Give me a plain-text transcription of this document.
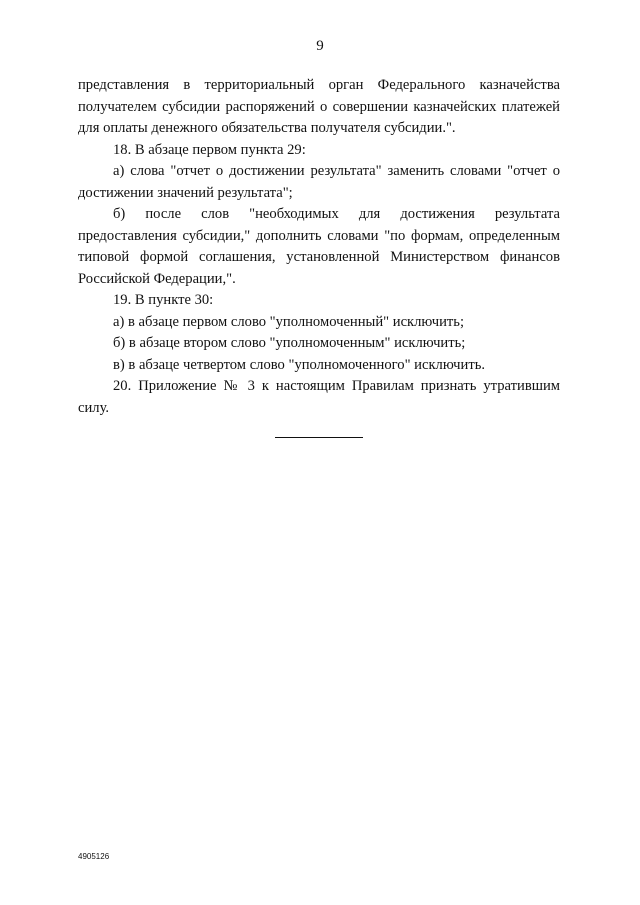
9

представления в территориальный орган Федерального казначейства получателем субсидии распоряжений о совершении казначейских платежей для оплаты денежного обязательства получателя субсидии.".

18. В абзаце первом пункта 29:

а) слова "отчет о достижении результата" заменить словами "отчет о достижении значений результата";

б) после слов "необходимых для достижения результата предоставления субсидии," дополнить словами "по формам, определенным типовой формой соглашения, установленной Министерством финансов Российской Федерации,".

19. В пункте 30:

а) в абзаце первом слово "уполномоченный" исключить;

б) в абзаце втором слово "уполномоченным" исключить;

в) в абзаце четвертом слово "уполномоченного" исключить.

20. Приложение № 3 к настоящим Правилам признать утратившим силу.

4905126
